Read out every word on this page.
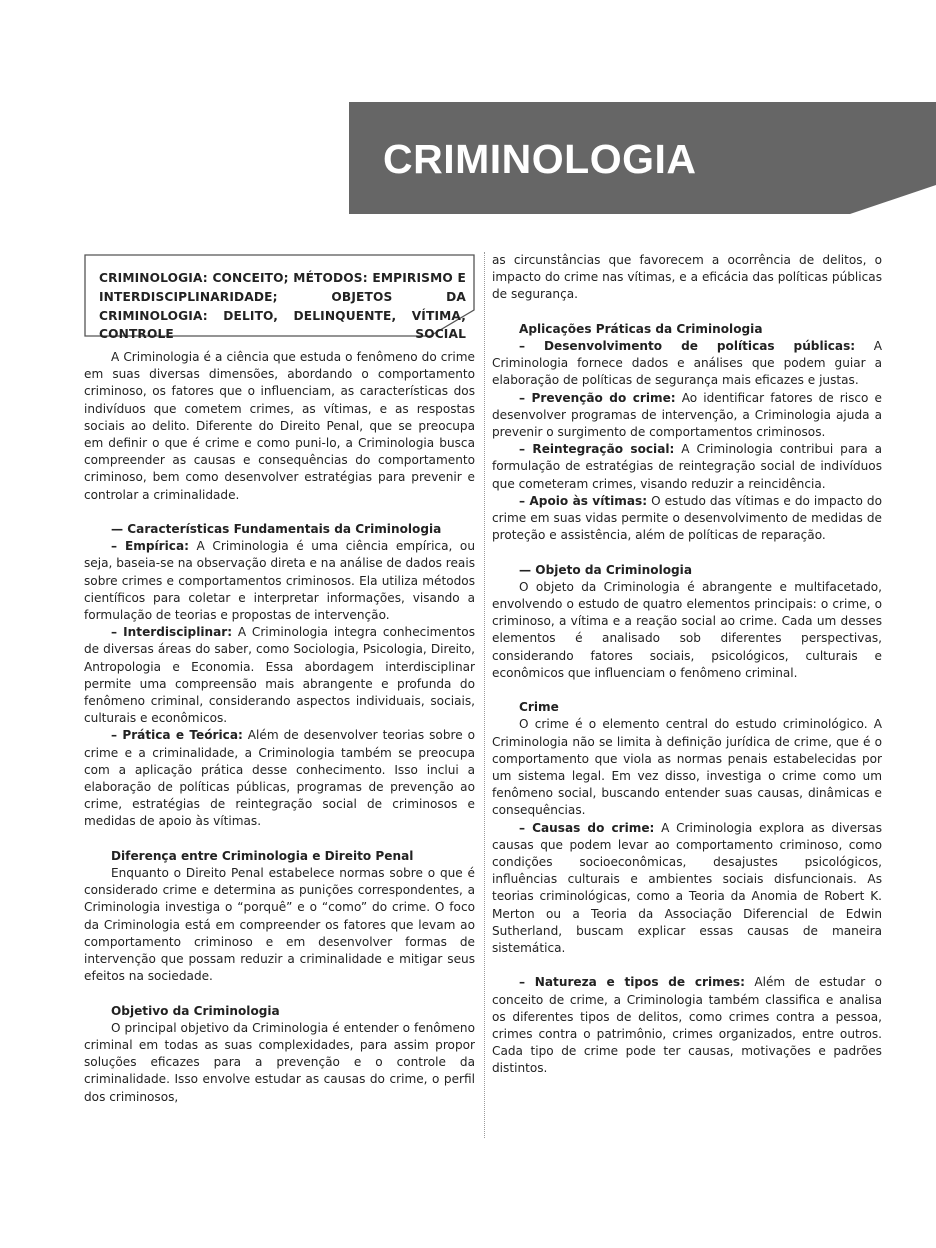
CRIMINOLOGIA
CRIMINOLOGIA: CONCEITO; MÉTODOS: EMPIRISMO E INTERDISCIPLINARIDADE; OBJETOS DA CRIMINOLOGIA: DELITO, DELINQUENTE, VÍTIMA, CONTROLE SOCIAL

A Criminologia é a ciência que estuda o fenômeno do crime em suas diversas dimensões, abordando o comportamento criminoso, os fatores que o influenciam, as características dos indivíduos que cometem crimes, as vítimas, e as respostas sociais ao delito. Diferente do Direito Penal, que se preocupa em definir o que é crime e como puni-lo, a Criminologia busca compreender as causas e consequências do comportamento criminoso, bem como desenvolver estratégias para prevenir e controlar a criminalidade.

— Características Fundamentais da Criminologia

– Empírica: A Criminologia é uma ciência empírica, ou seja, baseia-se na observação direta e na análise de dados reais sobre crimes e comportamentos criminosos. Ela utiliza métodos científicos para coletar e interpretar informações, visando a formulação de teorias e propostas de intervenção.

– Interdisciplinar: A Criminologia integra conhecimentos de diversas áreas do saber, como Sociologia, Psicologia, Direito, Antropologia e Economia. Essa abordagem interdisciplinar permite uma compreensão mais abrangente e profunda do fenômeno criminal, considerando aspectos individuais, sociais, culturais e econômicos.

– Prática e Teórica: Além de desenvolver teorias sobre o crime e a criminalidade, a Criminologia também se preocupa com a aplicação prática desse conhecimento. Isso inclui a elaboração de políticas públicas, programas de prevenção ao crime, estratégias de reintegração social de criminosos e medidas de apoio às vítimas.

Diferença entre Criminologia e Direito Penal

Enquanto o Direito Penal estabelece normas sobre o que é considerado crime e determina as punições correspondentes, a Criminologia investiga o “porquê” e o “como” do crime. O foco da Criminologia está em compreender os fatores que levam ao comportamento criminoso e em desenvolver formas de intervenção que possam reduzir a criminalidade e mitigar seus efeitos na sociedade.

Objetivo da Criminologia

O principal objetivo da Criminologia é entender o fenômeno criminal em todas as suas complexidades, para assim propor soluções eficazes para a prevenção e o controle da criminalidade. Isso envolve estudar as causas do crime, o perfil dos criminosos,

as circunstâncias que favorecem a ocorrência de delitos, o impacto do crime nas vítimas, e a eficácia das políticas públicas de segurança.

Aplicações Práticas da Criminologia

– Desenvolvimento de políticas públicas: A Criminologia fornece dados e análises que podem guiar a elaboração de políticas de segurança mais eficazes e justas.

– Prevenção do crime: Ao identificar fatores de risco e desenvolver programas de intervenção, a Criminologia ajuda a prevenir o surgimento de comportamentos criminosos.

– Reintegração social: A Criminologia contribui para a formulação de estratégias de reintegração social de indivíduos que cometeram crimes, visando reduzir a reincidência.

– Apoio às vítimas: O estudo das vítimas e do impacto do crime em suas vidas permite o desenvolvimento de medidas de proteção e assistência, além de políticas de reparação.

— Objeto da Criminologia

O objeto da Criminologia é abrangente e multifacetado, envolvendo o estudo de quatro elementos principais: o crime, o criminoso, a vítima e a reação social ao crime. Cada um desses elementos é analisado sob diferentes perspectivas, considerando fatores sociais, psicológicos, culturais e econômicos que influenciam o fenômeno criminal.

Crime

O crime é o elemento central do estudo criminológico. A Criminologia não se limita à definição jurídica de crime, que é o comportamento que viola as normas penais estabelecidas por um sistema legal. Em vez disso, investiga o crime como um fenômeno social, buscando entender suas causas, dinâmicas e consequências.

– Causas do crime: A Criminologia explora as diversas causas que podem levar ao comportamento criminoso, como condições socioeconômicas, desajustes psicológicos, influências culturais e ambientes sociais disfuncionais. As teorias criminológicas, como a Teoria da Anomia de Robert K. Merton ou a Teoria da Associação Diferencial de Edwin Sutherland, buscam explicar essas causas de maneira sistemática.

– Natureza e tipos de crimes: Além de estudar o conceito de crime, a Criminologia também classifica e analisa os diferentes tipos de delitos, como crimes contra a pessoa, crimes contra o patrimônio, crimes organizados, entre outros. Cada tipo de crime pode ter causas, motivações e padrões distintos.
